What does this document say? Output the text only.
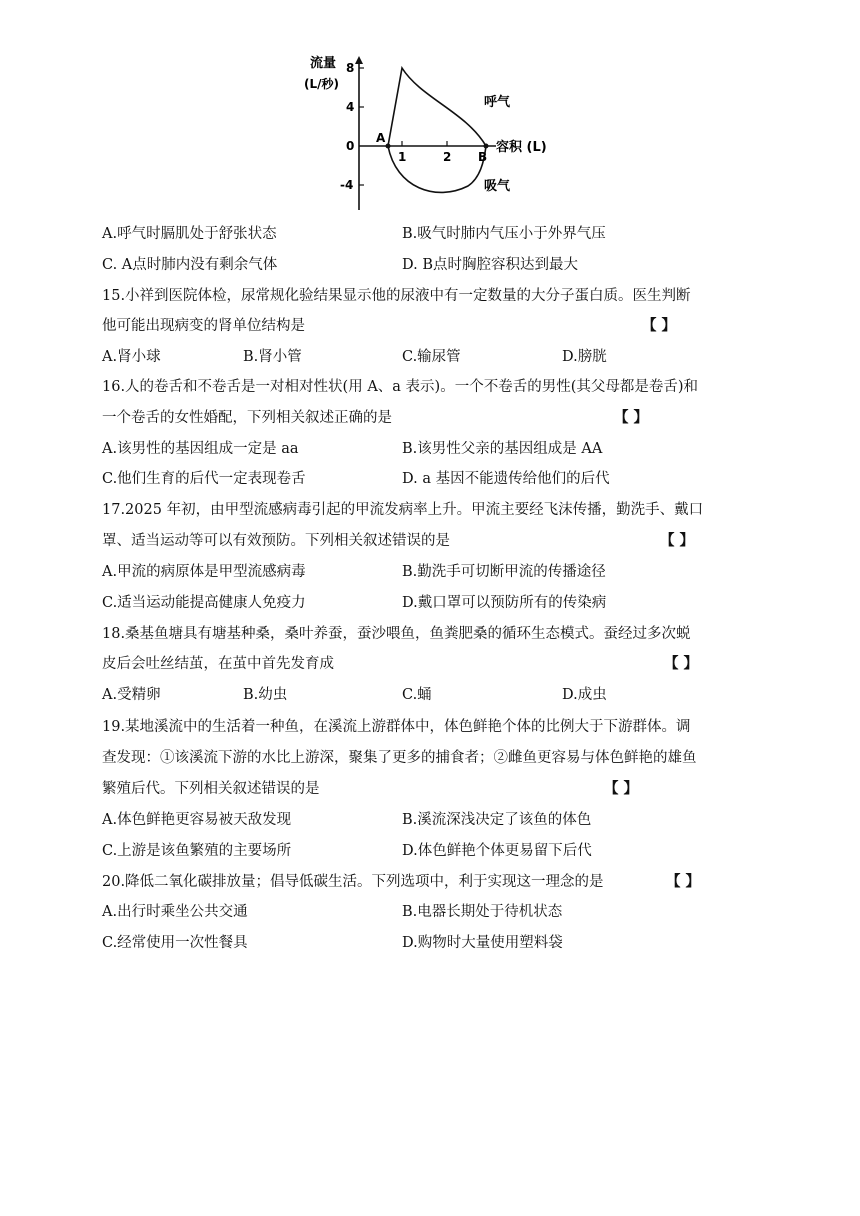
流量
(L/秒)
8
4
0
-4
1	2
A
B
容积 (L)
呼气
吸气
A.呼气时膈肌处于舒张状态	B.吸气时肺内气压小于外界气压
C. A点时肺内没有剩余气体	D. B点时胸腔容积达到最大
15.小祥到医院体检，尿常规化验结果显示他的尿液中有一定数量的大分子蛋白质。医生判断
他可能出现病变的肾单位结构是	【 】
A.肾小球	B.肾小管	C.输尿管	D.膀胱
16.人的卷舌和不卷舌是一对相对性状(用 A、a 表示)。一个不卷舌的男性(其父母都是卷舌)和
一个卷舌的女性婚配，下列相关叙述正确的是	【 】
A.该男性的基因组成一定是 aa	B.该男性父亲的基因组成是 AA
C.他们生育的后代一定表现卷舌	D. a 基因不能遗传给他们的后代
17.2025 年初，由甲型流感病毒引起的甲流发病率上升。甲流主要经飞沫传播，勤洗手、戴口
罩、适当运动等可以有效预防。下列相关叙述错误的是	【 】
A.甲流的病原体是甲型流感病毒	B.勤洗手可切断甲流的传播途径
C.适当运动能提高健康人免疫力	D.戴口罩可以预防所有的传染病
18.桑基鱼塘具有塘基种桑，桑叶养蚕，蚕沙喂鱼，鱼粪肥桑的循环生态模式。蚕经过多次蜕
皮后会吐丝结茧，在茧中首先发育成	【 】
A.受精卵	B.幼虫	C.蛹	D.成虫
19.某地溪流中的生活着一种鱼，在溪流上游群体中，体色鲜艳个体的比例大于下游群体。调
查发现：①该溪流下游的水比上游深，聚集了更多的捕食者；②雌鱼更容易与体色鲜艳的雄鱼
繁殖后代。下列相关叙述错误的是	【 】
A.体色鲜艳更容易被天敌发现	B.溪流深浅决定了该鱼的体色
C.上游是该鱼繁殖的主要场所	D.体色鲜艳个体更易留下后代
20.降低二氧化碳排放量；倡导低碳生活。下列选项中，利于实现这一理念的是	【 】
A.出行时乘坐公共交通	B.电器长期处于待机状态
C.经常使用一次性餐具	D.购物时大量使用塑料袋
